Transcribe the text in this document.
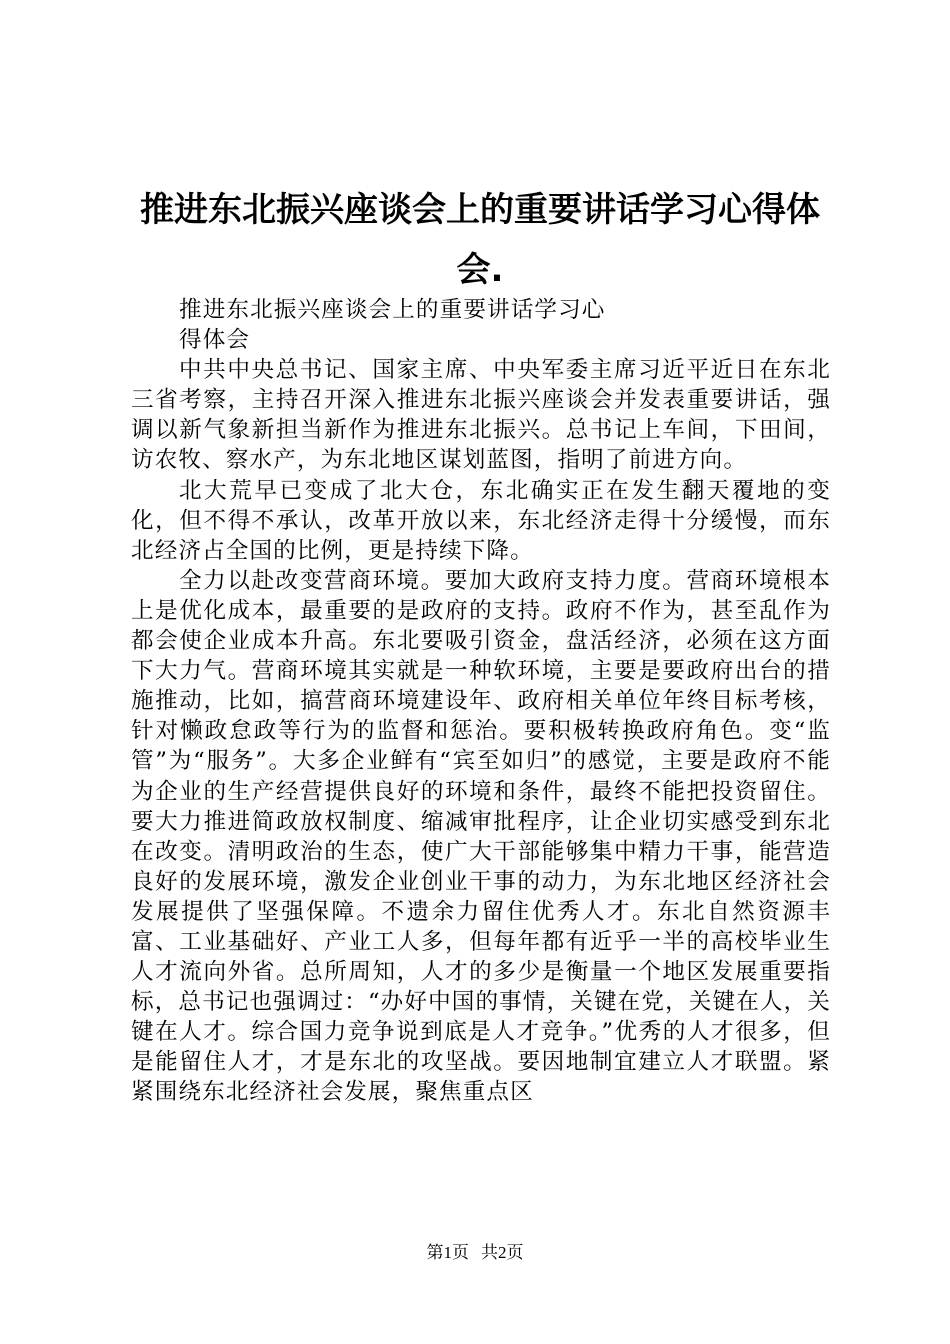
推进东北振兴座谈会上的重要讲话学习心得体
会.

推进东北振兴座谈会上的重要讲话学习心

得体会

中共中央总书记、国家主席、中央军委主席习近平近日在东北三省考察，主持召开深入推进东北振兴座谈会并发表重要讲话，强调以新气象新担当新作为推进东北振兴。总书记上车间，下田间，访农牧、察水产，为东北地区谋划蓝图，指明了前进方向。

北大荒早已变成了北大仓，东北确实正在发生翻天覆地的变化，但不得不承认，改革开放以来，东北经济走得十分缓慢，而东北经济占全国的比例，更是持续下降。

全力以赴改变营商环境。要加大政府支持力度。营商环境根本上是优化成本，最重要的是政府的支持。政府不作为，甚至乱作为都会使企业成本升高。东北要吸引资金，盘活经济，必须在这方面下大力气。营商环境其实就是一种软环境，主要是要政府出台的措施推动，比如，搞营商环境建设年、政府相关单位年终目标考核，针对懒政怠政等行为的监督和惩治。要积极转换政府角色。变“监管”为“服务”。大多企业鲜有“宾至如归”的感觉，主要是政府不能为企业的生产经营提供良好的环境和条件，最终不能把投资留住。要大力推进简政放权制度、缩减审批程序，让企业切实感受到东北在改变。清明政治的生态，使广大干部能够集中精力干事，能营造良好的发展环境，激发企业创业干事的动力，为东北地区经济社会发展提供了坚强保障。不遗余力留住优秀人才。东北自然资源丰富、工业基础好、产业工人多，但每年都有近乎一半的高校毕业生人才流向外省。总所周知，人才的多少是衡量一个地区发展重要指标，总书记也强调过：“办好中国的事情，关键在党，关键在人，关键在人才。综合国力竞争说到底是人才竞争。”优秀的人才很多，但是能留住人才，才是东北的攻坚战。要因地制宜建立人才联盟。紧紧围绕东北经济社会发展，聚焦重点区

第1页 共2页
